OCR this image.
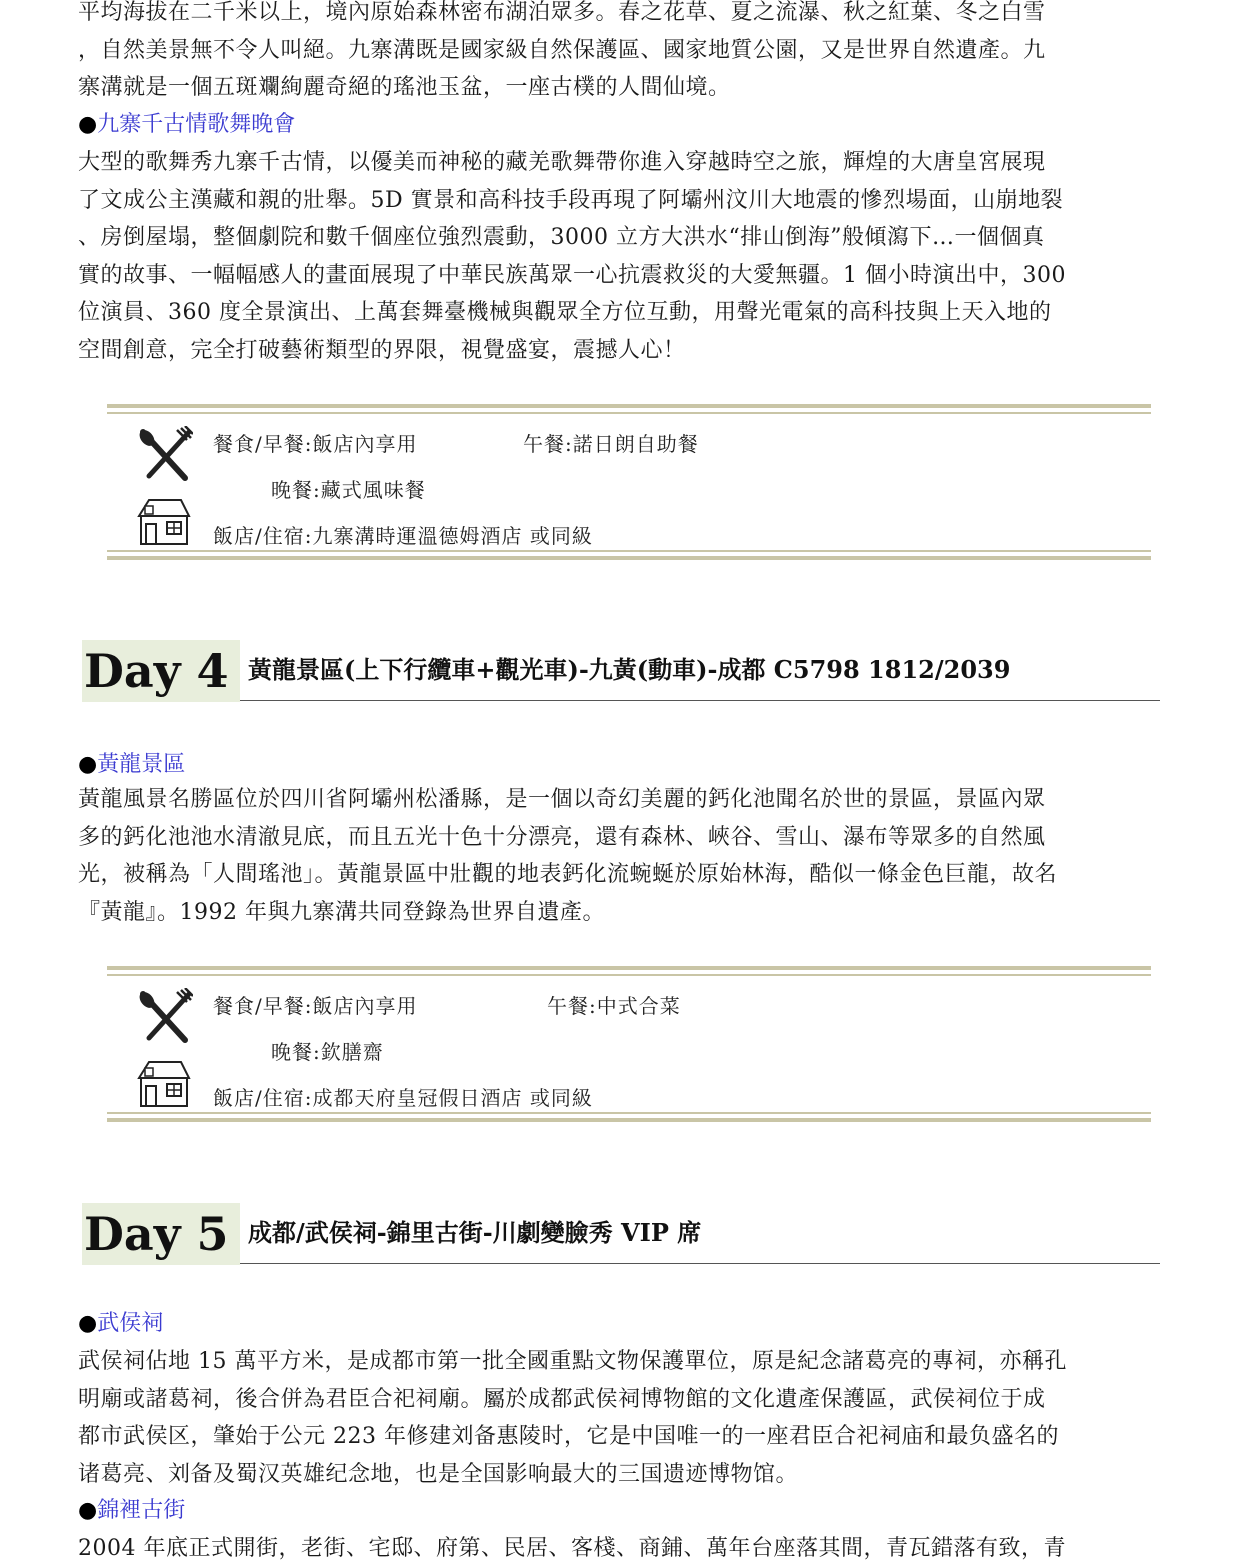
平均海拔在二千米以上，境內原始森林密布湖泊眾多。春之花草、夏之流瀑、秋之紅葉、冬之白雪
，自然美景無不令人叫絕。九寨溝既是國家級自然保護區、國家地質公園，又是世界自然遺產。九
寨溝就是一個五斑斕絢麗奇絕的瑤池玉盆，一座古樸的人間仙境。
●九寨千古情歌舞晚會
大型的歌舞秀九寨千古情，以優美而神秘的藏羌歌舞帶你進入穿越時空之旅，輝煌的大唐皇宮展現
了文成公主漢藏和親的壯舉。5D 實景和高科技手段再現了阿壩州汶川大地震的慘烈場面，山崩地裂
、房倒屋塌，整個劇院和數千個座位強烈震動，3000 立方大洪水“排山倒海”般傾瀉下…一個個真
實的故事、一幅幅感人的畫面展現了中華民族萬眾一心抗震救災的大愛無疆。1 個小時演出中，300
位演員、360 度全景演出、上萬套舞臺機械與觀眾全方位互動，用聲光電氣的高科技與上天入地的
空間創意，完全打破藝術類型的界限，視覺盛宴，震撼人心！
餐食/早餐:飯店內享用	午餐:諾日朗自助餐
晚餐:藏式風味餐
飯店/住宿:九寨溝時運溫德姆酒店 或同級
Day 4 黃龍景區(上下行纜車+觀光車)-九黃(動車)-成都 C5798 1812/2039
●黃龍景區
黃龍風景名勝區位於四川省阿壩州松潘縣，是一個以奇幻美麗的鈣化池聞名於世的景區，景區內眾
多的鈣化池池水清澈見底，而且五光十色十分漂亮，還有森林、峽谷、雪山、瀑布等眾多的自然風
光，被稱為「人間瑤池」。黃龍景區中壯觀的地表鈣化流蜿蜒於原始林海，酷似一條金色巨龍，故名
『黃龍』。1992 年與九寨溝共同登錄為世界自遺產。
餐食/早餐:飯店內享用	午餐:中式合菜
晚餐:欽膳齋
飯店/住宿:成都天府皇冠假日酒店 或同級
Day 5 成都/武侯祠-錦里古街-川劇變臉秀 VIP 席
●武侯祠
武侯祠佔地 15 萬平方米，是成都市第一批全國重點文物保護單位，原是紀念諸葛亮的專祠，亦稱孔
明廟或諸葛祠，後合併為君臣合祀祠廟。屬於成都武侯祠博物館的文化遺產保護區，武侯祠位于成
都市武侯区，肇始于公元 223 年修建刘备惠陵时，它是中国唯一的一座君臣合祀祠庙和最负盛名的
诸葛亮、刘备及蜀汉英雄纪念地，也是全国影响最大的三国遗迹博物馆。
●錦裡古街
2004 年底正式開街，老街、宅邸、府第、民居、客棧、商鋪、萬年台座落其間，青瓦錯落有致，青
